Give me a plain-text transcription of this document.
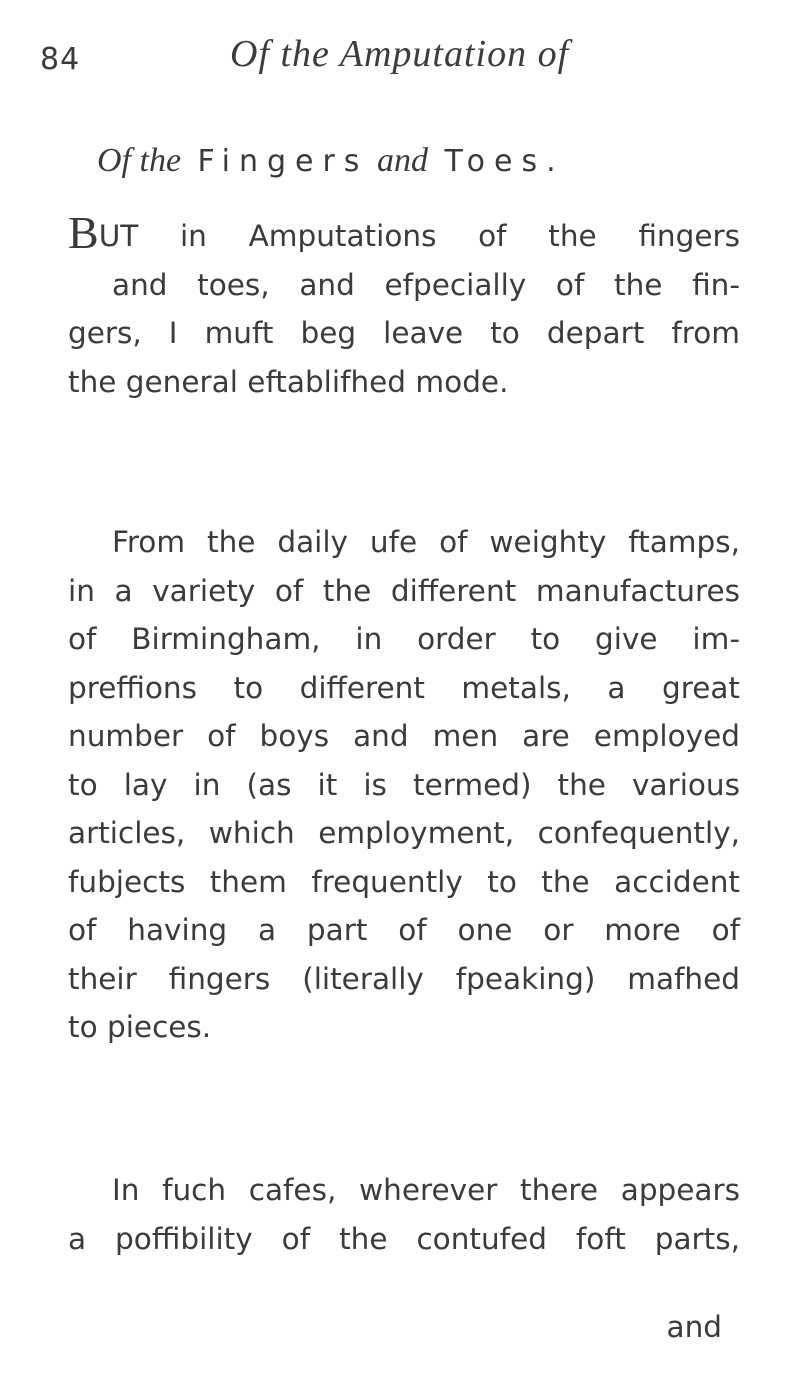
84	Of the Amputation of
Of the Fingers and Toes.
BUT in Amputations of the fingers
and toes, and efpecially of the fin-
gers, I muft beg leave to depart from
the general eftablifhed mode.
From the daily ufe of weighty ftamps,
in a variety of the different manufactures
of Birmingham, in order to give im-
preffions to different metals, a great
number of boys and men are employed
to lay in (as it is termed) the various
articles, which employment, confequently,
fubjects them frequently to the accident
of having a part of one or more of
their fingers (literally fpeaking) mafhed
to pieces.
In fuch cafes, wherever there appears
a poffibility of the contufed foft parts,
and
